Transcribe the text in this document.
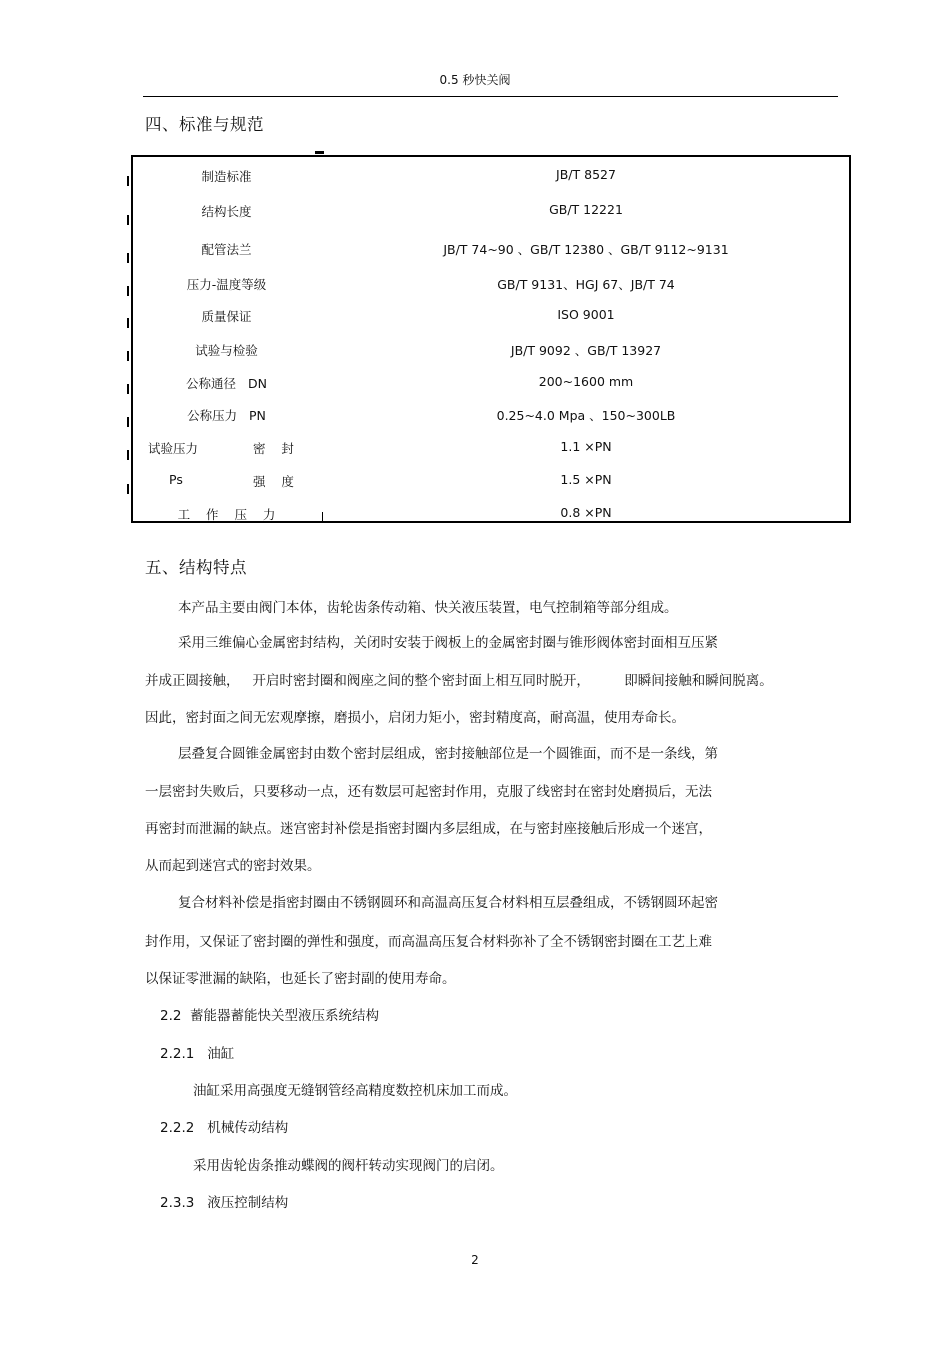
0.5 秒快关阀
四、标准与规范
制造标准	JB/T 8527
结构长度	GB/T 12221
配管法兰	JB/T 74~90 、GB/T 12380 、GB/T 9112~9131
压力-温度等级	GB/T 9131、HGJ 67、JB/T 74
质量保证	ISO 9001
试验与检验	JB/T 9092 、GB/T 13927
公称通径   DN	200~1600 mm
公称压力   PN	0.25~4.0 Mpa 、150~300LB
试验压力	密    封	1.1 ×PN
Ps	强    度	1.5 ×PN
工    作    压    力	0.8 ×PN
五、结构特点
本产品主要由阀门本体，齿轮齿条传动箱、快关液压装置，电气控制箱等部分组成。
采用三维偏心金属密封结构，关闭时安装于阀板上的金属密封圈与锥形阀体密封面相互压紧
并成正圆接触，   开启时密封圈和阀座之间的整个密封面上相互同时脱开，        即瞬间接触和瞬间脱离。
因此，密封面之间无宏观摩擦，磨损小，启闭力矩小，密封精度高，耐高温，使用寿命长。
层叠复合圆锥金属密封由数个密封层组成，密封接触部位是一个圆锥面，而不是一条线，第
一层密封失败后，只要移动一点，还有数层可起密封作用，克服了线密封在密封处磨损后，无法
再密封而泄漏的缺点。迷宫密封补偿是指密封圈内多层组成，在与密封座接触后形成一个迷宫，
从而起到迷宫式的密封效果。
复合材料补偿是指密封圈由不锈钢圆环和高温高压复合材料相互层叠组成，不锈钢圆环起密
封作用，又保证了密封圈的弹性和强度，而高温高压复合材料弥补了全不锈钢密封圈在工艺上难
以保证零泄漏的缺陷，也延长了密封副的使用寿命。
2.2  蓄能器蓄能快关型液压系统结构
2.2.1   油缸
油缸采用高强度无缝钢管经高精度数控机床加工而成。
2.2.2   机械传动结构
采用齿轮齿条推动蝶阀的阀杆转动实现阀门的启闭。
2.3.3   液压控制结构
2
